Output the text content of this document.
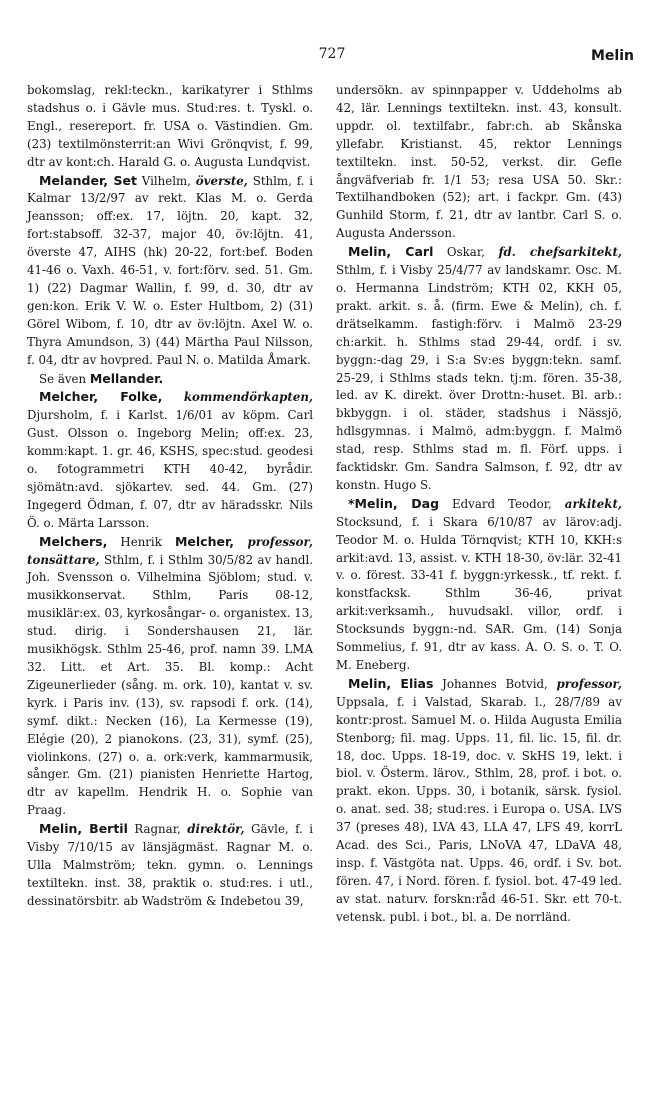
727	Melin

bokomslag, rekl:teckn., karikatyrer i Sthlms stadshus o. i Gävle mus. Stud:res. t. Tyskl. o. Engl., resereport. fr. USA o. Västindien. Gm. (23) textilmönsterrit:an Wivi Grönqvist, f. 99, dtr av kont:ch. Harald G. o. Augusta Lundqvist.

Melander, Set Vilhelm, överste, Sthlm, f. i Kalmar 13/2/97 av rekt. Klas M. o. Gerda Jeansson; off:ex. 17, löjtn. 20, kapt. 32, fort:stabsoff. 32-37, major 40, öv:löjtn. 41, överste 47, AIHS (hk) 20-22, fort:bef. Boden 41-46 o. Vaxh. 46-51, v. fort:förv. sed. 51. Gm. 1) (22) Dagmar Wallin, f. 99, d. 30, dtr av gen:kon. Erik V. W. o. Ester Hultbom, 2) (31) Görel Wibom, f. 10, dtr av öv:löjtn. Axel W. o. Thyra Amundson, 3) (44) Märtha Paul Nilsson, f. 04, dtr av hovpred. Paul N. o. Matilda Åmark.

Se även Mellander.

Melcher, Folke, kommendörkapten, Djursholm, f. i Karlst. 1/6/01 av köpm. Carl Gust. Olsson o. Ingeborg Melin; off:ex. 23, komm:kapt. 1. gr. 46, KSHS, spec:stud. geodesi o. fotogrammetri KTH 40-42, byrådir. sjömätn:avd. sjökartev. sed. 44. Gm. (27) Ingegerd Ödman, f. 07, dtr av häradsskr. Nils Ö. o. Märta Larsson.

Melchers, Henrik Melcher, professor, tonsättare, Sthlm, f. i Sthlm 30/5/82 av handl. Joh. Svensson o. Vilhelmina Sjöblom; stud. v. musikkonservat. Sthlm, Paris 08-12, musiklär:ex. 03, kyrkosångar- o. organistex. 13, stud. dirig. i Sondershausen 21, lär. musikhögsk. Sthlm 25-46, prof. namn 39. LMA 32. Litt. et Art. 35. Bl. komp.: Acht Zigeunerlieder (sång. m. ork. 10), kantat v. sv. kyrk. i Paris inv. (13), sv. rapsodi f. ork. (14), symf. dikt.: Necken (16), La Kermesse (19), Elégie (20), 2 pianokons. (23, 31), symf. (25), violinkons. (27) o. a. ork:verk, kammarmusik, sånger. Gm. (21) pianisten Henriette Hartog, dtr av kapellm. Hendrik H. o. Sophie van Praag.

Melin, Bertil Ragnar, direktör, Gävle, f. i Visby 7/10/15 av länsjägmäst. Ragnar M. o. Ulla Malmström; tekn. gymn. o. Lennings textiltekn. inst. 38, praktik o. stud:res. i utl., dessinatörsbitr. ab Wadström & Indebetou 39,

undersökn. av spinnpapper v. Uddeholms ab 42, lär. Lennings textiltekn. inst. 43, konsult. uppdr. ol. textilfabr., fabr:ch. ab Skånska yllefabr. Kristianst. 45, rektor Lennings textiltekn. inst. 50-52, verkst. dir. Gefle ångväfveriab fr. 1/1 53; resa USA 50. Skr.: Textilhandboken (52); art. i fackpr. Gm. (43) Gunhild Storm, f. 21, dtr av lantbr. Carl S. o. Augusta Andersson.

Melin, Carl Oskar, fd. chefsarkitekt, Sthlm, f. i Visby 25/4/77 av landskamr. Osc. M. o. Hermanna Lindström; KTH 02, KKH 05, prakt. arkit. s. å. (firm. Ewe & Melin), ch. f. drätselkamm. fastigh:förv. i Malmö 23-29 ch:arkit. h. Sthlms stad 29-44, ordf. i sv. byggn:-dag 29, i S:a Sv:es byggn:tekn. samf. 25-29, i Sthlms stads tekn. tj:m. fören. 35-38, led. av K. direkt. över Drottn:-huset. Bl. arb.: bkbyggn. i ol. städer, stadshus i Nässjö, hdlsgymnas. i Malmö, adm:byggn. f. Malmö stad, resp. Sthlms stad m. fl. Förf. upps. i facktidskr. Gm. Sandra Salmson, f. 92, dtr av konstn. Hugo S.

*Melin, Dag Edvard Teodor, arkitekt, Stocksund, f. i Skara 6/10/87 av lärov:adj. Teodor M. o. Hulda Törnqvist; KTH 10, KKH:s arkit:avd. 13, assist. v. KTH 18-30, öv:lär. 32-41 v. o. förest. 33-41 f. byggn:yrkessk., tf. rekt. f. konstfacksk. Sthlm 36-46, privat arkit:verksamh., huvudsakl. villor, ordf. i Stocksunds byggn:-nd. SAR. Gm. (14) Sonja Sommelius, f. 91, dtr av kass. A. O. S. o. T. O. M. Eneberg.

Melin, Elias Johannes Botvid, professor, Uppsala, f. i Valstad, Skarab. l., 28/7/89 av kontr:prost. Samuel M. o. Hilda Augusta Emilia Stenborg; fil. mag. Upps. 11, fil. lic. 15, fil. dr. 18, doc. Upps. 18-19, doc. v. SkHS 19, lekt. i biol. v. Österm. lärov., Sthlm, 28, prof. i bot. o. prakt. ekon. Upps. 30, i botanik, särsk. fysiol. o. anat. sed. 38; stud:res. i Europa o. USA. LVS 37 (preses 48), LVA 43, LLA 47, LFS 49, korrL Acad. des Sci., Paris, LNoVA 47, LDaVA 48, insp. f. Västgöta nat. Upps. 46, ordf. i Sv. bot. fören. 47, i Nord. fören. f. fysiol. bot. 47-49 led. av stat. naturv. forskn:råd 46-51. Skr. ett 70-t. vetensk. publ. i bot., bl. a. De norrländ.
